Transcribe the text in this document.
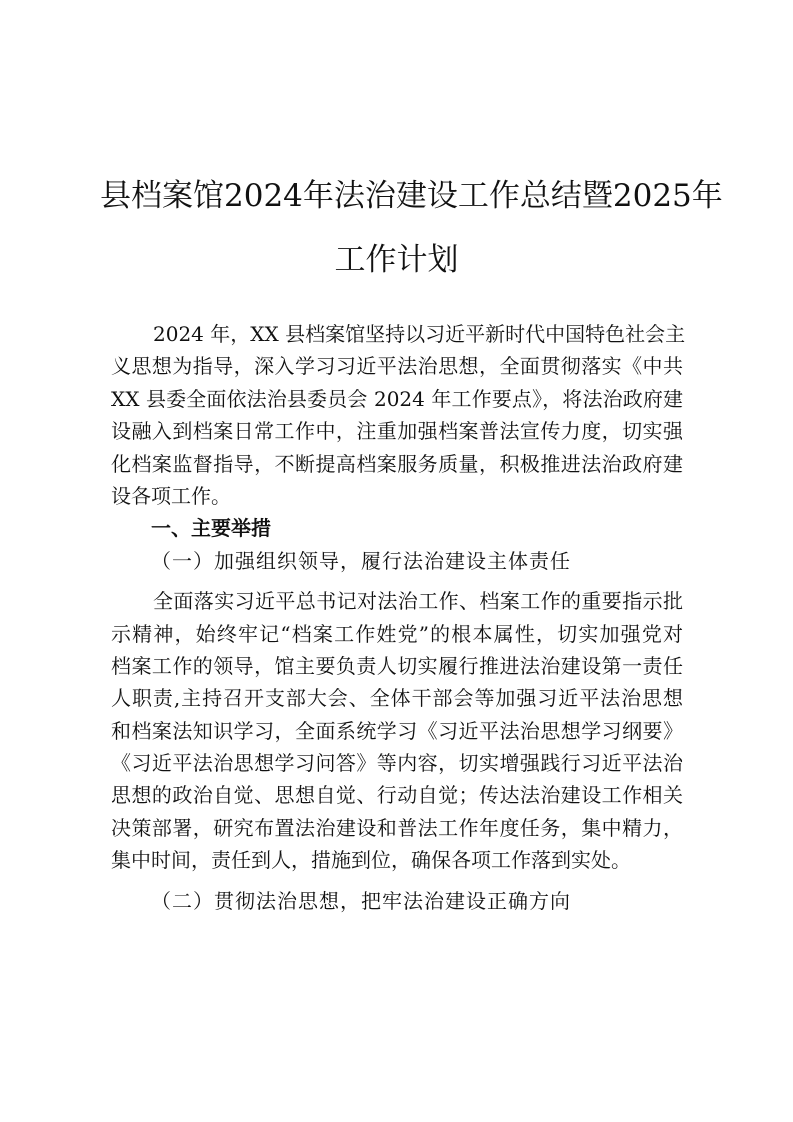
县档案馆2024年法治建设工作总结暨2025年
工作计划
2024 年，XX 县档案馆坚持以习近平新时代中国特色社会主
义思想为指导，深入学习习近平法治思想，全面贯彻落实《中共
XX 县委全面依法治县委员会 2024 年工作要点》，将法治政府建
设融入到档案日常工作中，注重加强档案普法宣传力度，切实强
化档案监督指导，不断提高档案服务质量，积极推进法治政府建
设各项工作。
一、主要举措
（一）加强组织领导，履行法治建设主体责任
全面落实习近平总书记对法治工作、档案工作的重要指示批
示精神，始终牢记“档案工作姓党”的根本属性，切实加强党对
档案工作的领导，馆主要负责人切实履行推进法治建设第一责任
人职责,主持召开支部大会、全体干部会等加强习近平法治思想
和档案法知识学习，全面系统学习《习近平法治思想学习纲要》
《习近平法治思想学习问答》等内容，切实增强践行习近平法治
思想的政治自觉、思想自觉、行动自觉；传达法治建设工作相关
决策部署，研究布置法治建设和普法工作年度任务，集中精力，
集中时间，责任到人，措施到位，确保各项工作落到实处。
（二）贯彻法治思想，把牢法治建设正确方向
